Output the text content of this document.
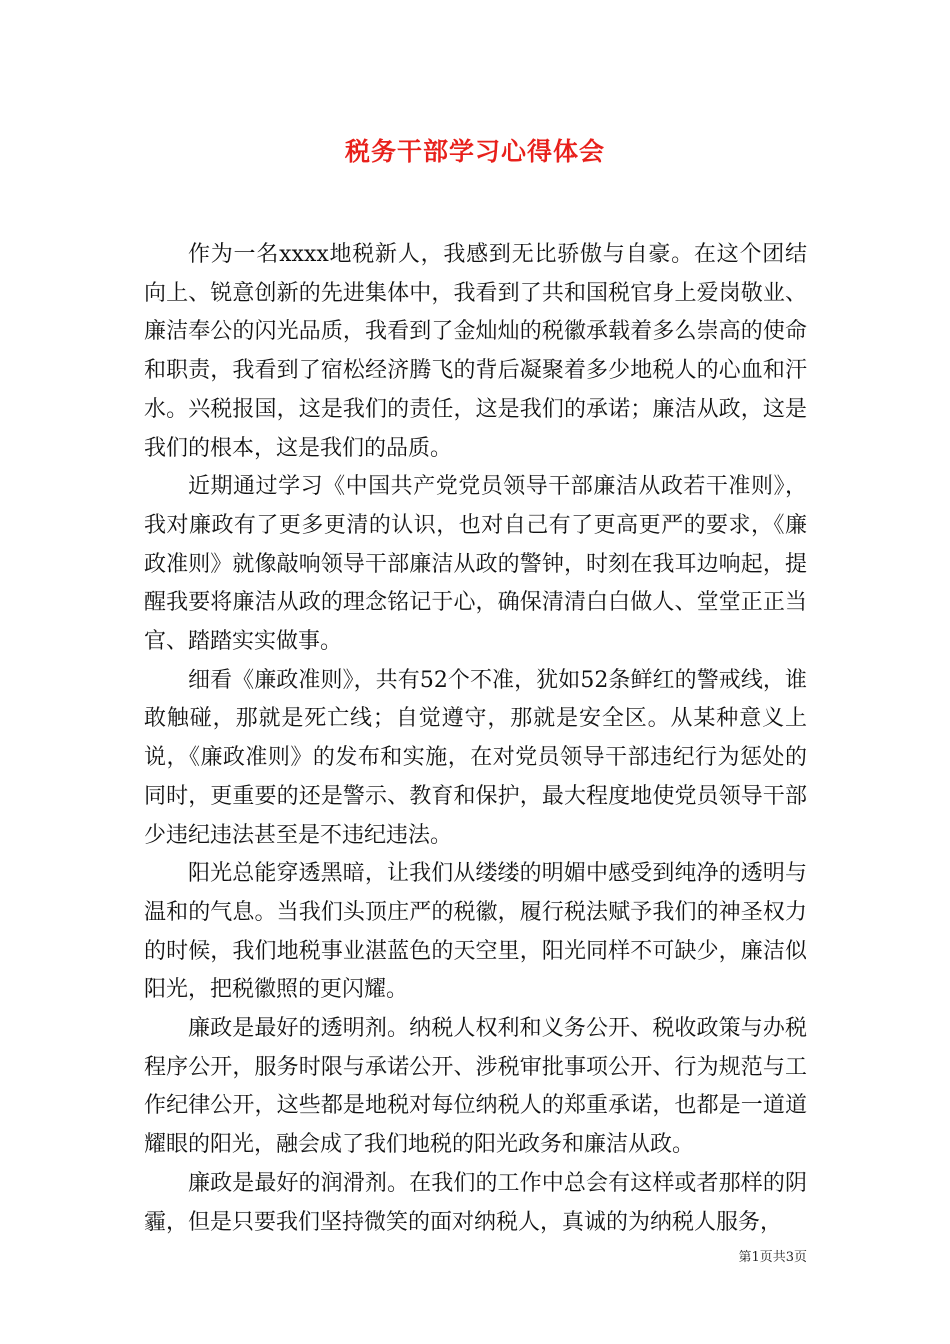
税务干部学习心得体会

作为一名xxxx地税新人，我感到无比骄傲与自豪。在这个团结向上、锐意创新的先进集体中，我看到了共和国税官身上爱岗敬业、廉洁奉公的闪光品质，我看到了金灿灿的税徽承载着多么崇高的使命和职责，我看到了宿松经济腾飞的背后凝聚着多少地税人的心血和汗水。兴税报国，这是我们的责任，这是我们的承诺；廉洁从政，这是我们的根本，这是我们的品质。

近期通过学习《中国共产党党员领导干部廉洁从政若干准则》，我对廉政有了更多更清的认识，也对自己有了更高更严的要求，《廉政准则》就像敲响领导干部廉洁从政的警钟，时刻在我耳边响起，提醒我要将廉洁从政的理念铭记于心，确保清清白白做人、堂堂正正当官、踏踏实实做事。

细看《廉政准则》，共有52个不准，犹如52条鲜红的警戒线，谁敢触碰，那就是死亡线；自觉遵守，那就是安全区。从某种意义上说，《廉政准则》的发布和实施，在对党员领导干部违纪行为惩处的同时，更重要的还是警示、教育和保护，最大程度地使党员领导干部少违纪违法甚至是不违纪违法。

阳光总能穿透黑暗，让我们从缕缕的明媚中感受到纯净的透明与温和的气息。当我们头顶庄严的税徽，履行税法赋予我们的神圣权力的时候，我们地税事业湛蓝色的天空里，阳光同样不可缺少，廉洁似阳光，把税徽照的更闪耀。

廉政是最好的透明剂。纳税人权利和义务公开、税收政策与办税程序公开，服务时限与承诺公开、涉税审批事项公开、行为规范与工作纪律公开，这些都是地税对每位纳税人的郑重承诺，也都是一道道耀眼的阳光，融会成了我们地税的阳光政务和廉洁从政。

廉政是最好的润滑剂。在我们的工作中总会有这样或者那样的阴霾，但是只要我们坚持微笑的面对纳税人，真诚的为纳税人服务，

第1页共3页
